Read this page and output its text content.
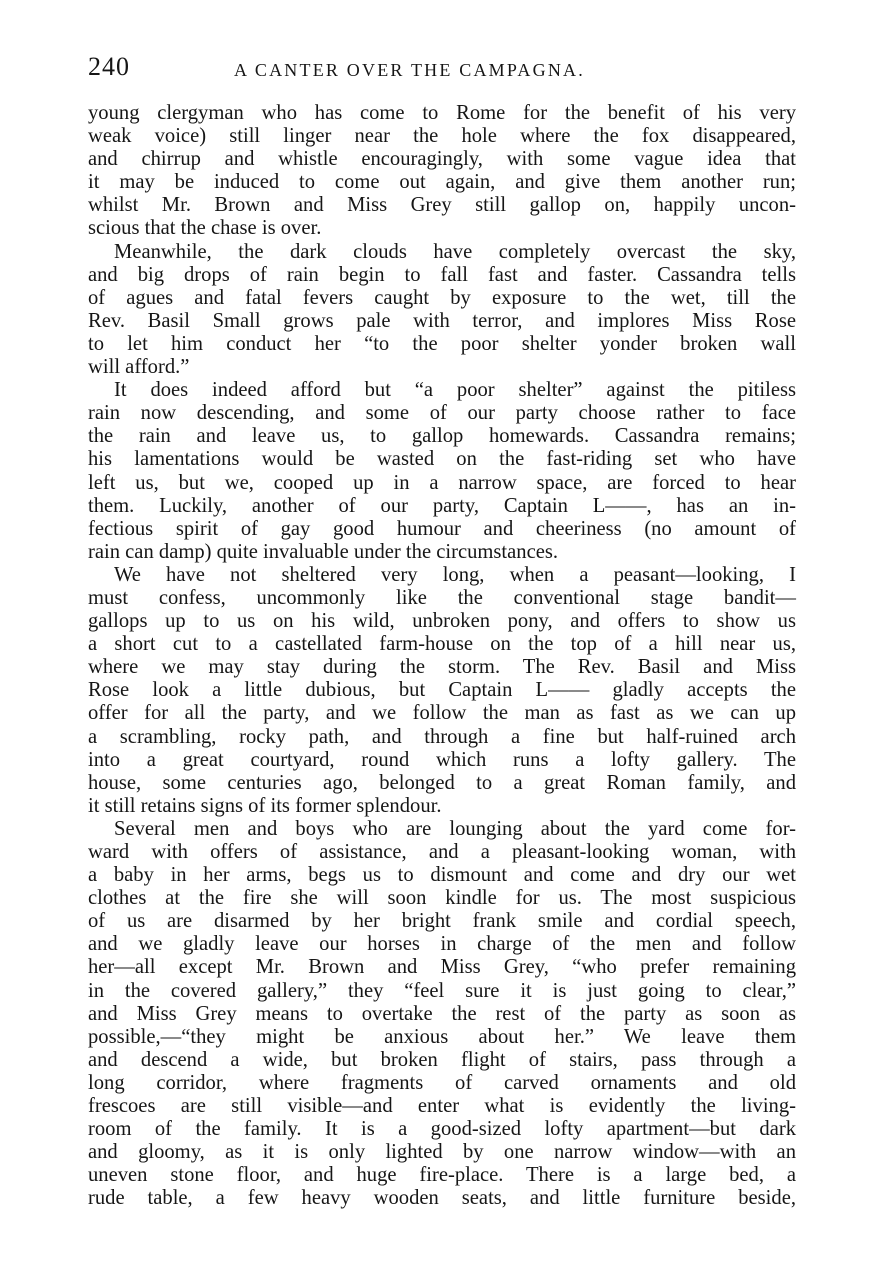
240	A CANTER OVER THE CAMPAGNA.
young clergyman who has come to Rome for the benefit of his very
weak voice) still linger near the hole where the fox disappeared,
and chirrup and whistle encouragingly, with some vague idea that
it may be induced to come out again, and give them another run;
whilst Mr. Brown and Miss Grey still gallop on, happily uncon-
scious that the chase is over.
Meanwhile, the dark clouds have completely overcast the sky,
and big drops of rain begin to fall fast and faster. Cassandra tells
of agues and fatal fevers caught by exposure to the wet, till the
Rev. Basil Small grows pale with terror, and implores Miss Rose
to let him conduct her “to the poor shelter yonder broken wall
will afford.”
It does indeed afford but “a poor shelter” against the pitiless
rain now descending, and some of our party choose rather to face
the rain and leave us, to gallop homewards. Cassandra remains;
his lamentations would be wasted on the fast-riding set who have
left us, but we, cooped up in a narrow space, are forced to hear
them. Luckily, another of our party, Captain L——, has an in-
fectious spirit of gay good humour and cheeriness (no amount of
rain can damp) quite invaluable under the circumstances.
We have not sheltered very long, when a peasant—looking, I
must confess, uncommonly like the conventional stage bandit—
gallops up to us on his wild, unbroken pony, and offers to show us
a short cut to a castellated farm-house on the top of a hill near us,
where we may stay during the storm. The Rev. Basil and Miss
Rose look a little dubious, but Captain L—— gladly accepts the
offer for all the party, and we follow the man as fast as we can up
a scrambling, rocky path, and through a fine but half-ruined arch
into a great courtyard, round which runs a lofty gallery. The
house, some centuries ago, belonged to a great Roman family, and
it still retains signs of its former splendour.
Several men and boys who are lounging about the yard come for-
ward with offers of assistance, and a pleasant-looking woman, with
a baby in her arms, begs us to dismount and come and dry our wet
clothes at the fire she will soon kindle for us. The most suspicious
of us are disarmed by her bright frank smile and cordial speech,
and we gladly leave our horses in charge of the men and follow
her—all except Mr. Brown and Miss Grey, “who prefer remaining
in the covered gallery,” they “feel sure it is just going to clear,”
and Miss Grey means to overtake the rest of the party as soon as
possible,—“they might be anxious about her.” We leave them
and descend a wide, but broken flight of stairs, pass through a
long corridor, where fragments of carved ornaments and old
frescoes are still visible—and enter what is evidently the living-
room of the family. It is a good-sized lofty apartment—but dark
and gloomy, as it is only lighted by one narrow window—with an
uneven stone floor, and huge fire-place. There is a large bed, a
rude table, a few heavy wooden seats, and little furniture beside,
